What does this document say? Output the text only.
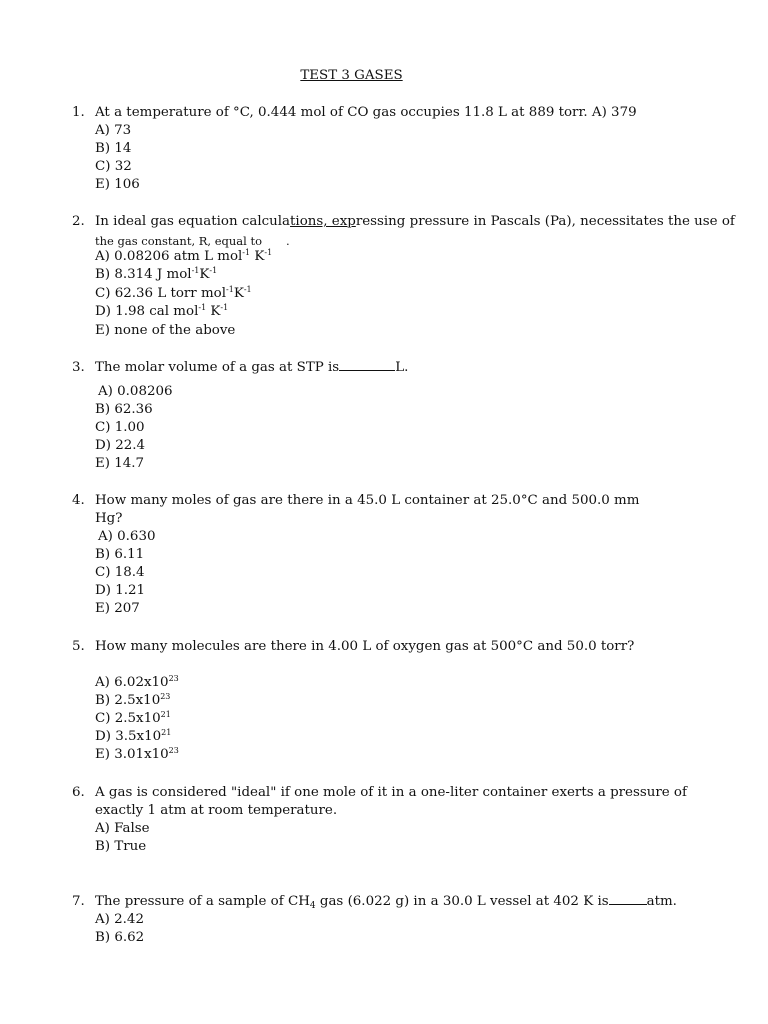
TEST 3 GASES
1. At a temperature of °C, 0.444 mol of CO gas occupies 11.8 L at 889 torr. A) 379
A) 73
B) 14
C) 32
E) 106
2. In ideal gas equation calculations, expressing pressure in Pascals (Pa), necessitates the use of
the gas constant, R, equal to .
A) 0.08206 atm L mol$^{-1}$ $K^{-1}$
B) 8.314 J $mol^{-1}K^{-1}$
C) 62.36 L torr $mol^{-1}K^{-1}$
D) 1.98 cal mol$^{-1}$ $K^{-1}$
E) none of the above
3. The molar volume of a gas at STP is	L.
A) 0.08206
B) 62.36
C) 1.00
D) 22.4
E) 14.7
4. How many moles of gas are there in a 45.0 L container at 25.0°C and 500.0 mm
Hg?
A) 0.630
B) 6.11
C) 18.4
D) 1.21
E) 207
5. How many molecules are there in 4.00 L of oxygen gas at 500°C and 50.0 torr?
A) $6.02x10^{23}$
B) $2.5x10^{23}$
C) $2.5x10^{21}$
D) $3.5x10^{21}$
E) $3.01x10^{23}$
6. A gas is considered "ideal" if one mole of it in a one-liter container exerts a pressure of
exactly 1 atm at room temperature.
A) False
B) True
7. The pressure of a sample of $CH_4$ gas (6.022 g) in a 30.0 L vessel at 402 K is	atm.
A) 2.42
B) 6.62
